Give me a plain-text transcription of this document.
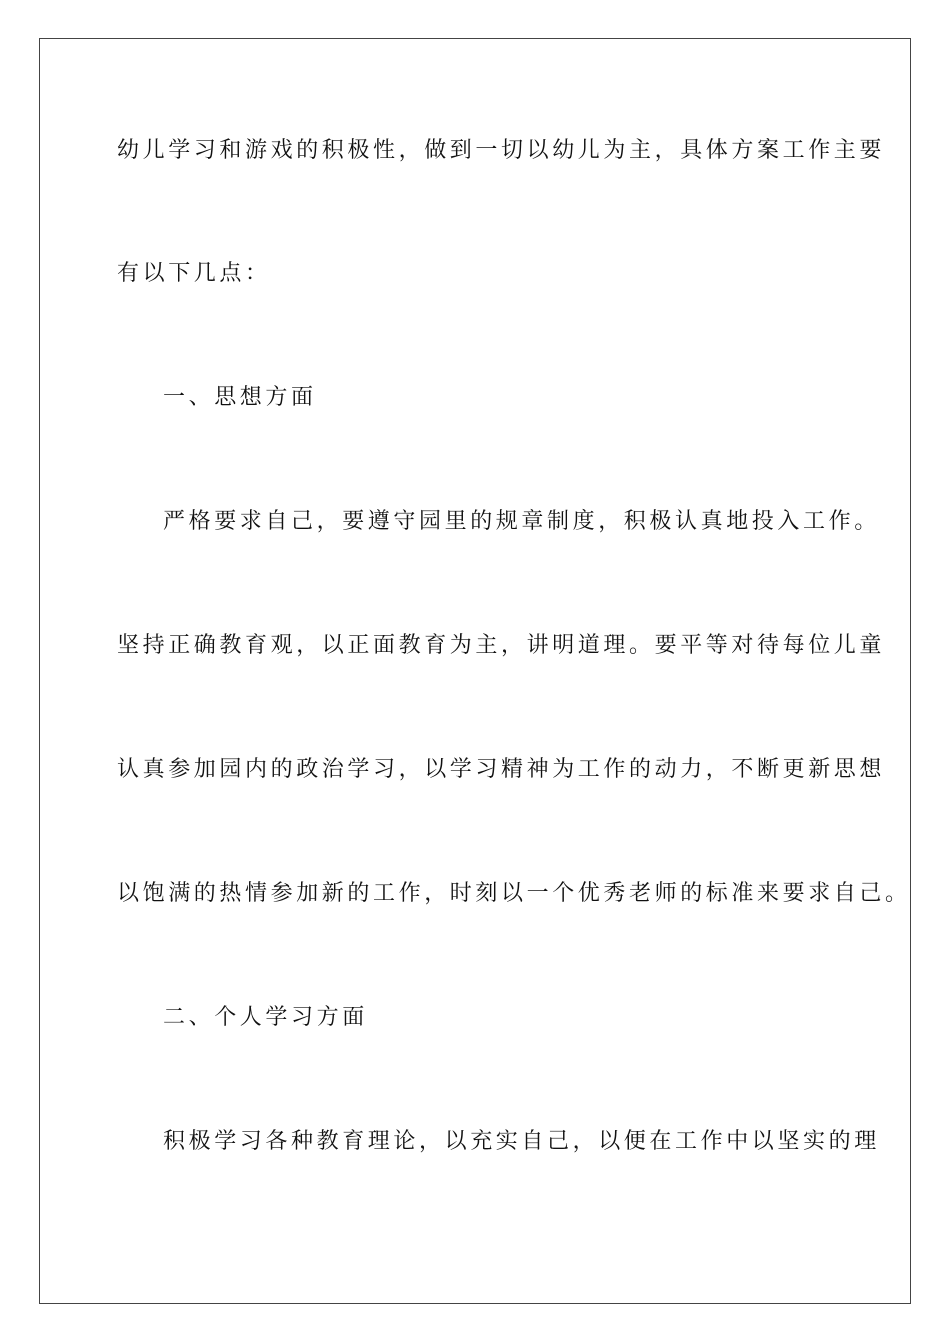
幼儿学习和游戏的积极性，做到一切以幼儿为主，具体方案工作主要

有以下几点：

一、思想方面

严格要求自己，要遵守园里的规章制度，积极认真地投入工作。

坚持正确教育观，以正面教育为主，讲明道理。要平等对待每位儿童

认真参加园内的政治学习，以学习精神为工作的动力，不断更新思想

以饱满的热情参加新的工作，时刻以一个优秀老师的标准来要求自己。

二、个人学习方面

积极学习各种教育理论，以充实自己，以便在工作中以坚实的理
